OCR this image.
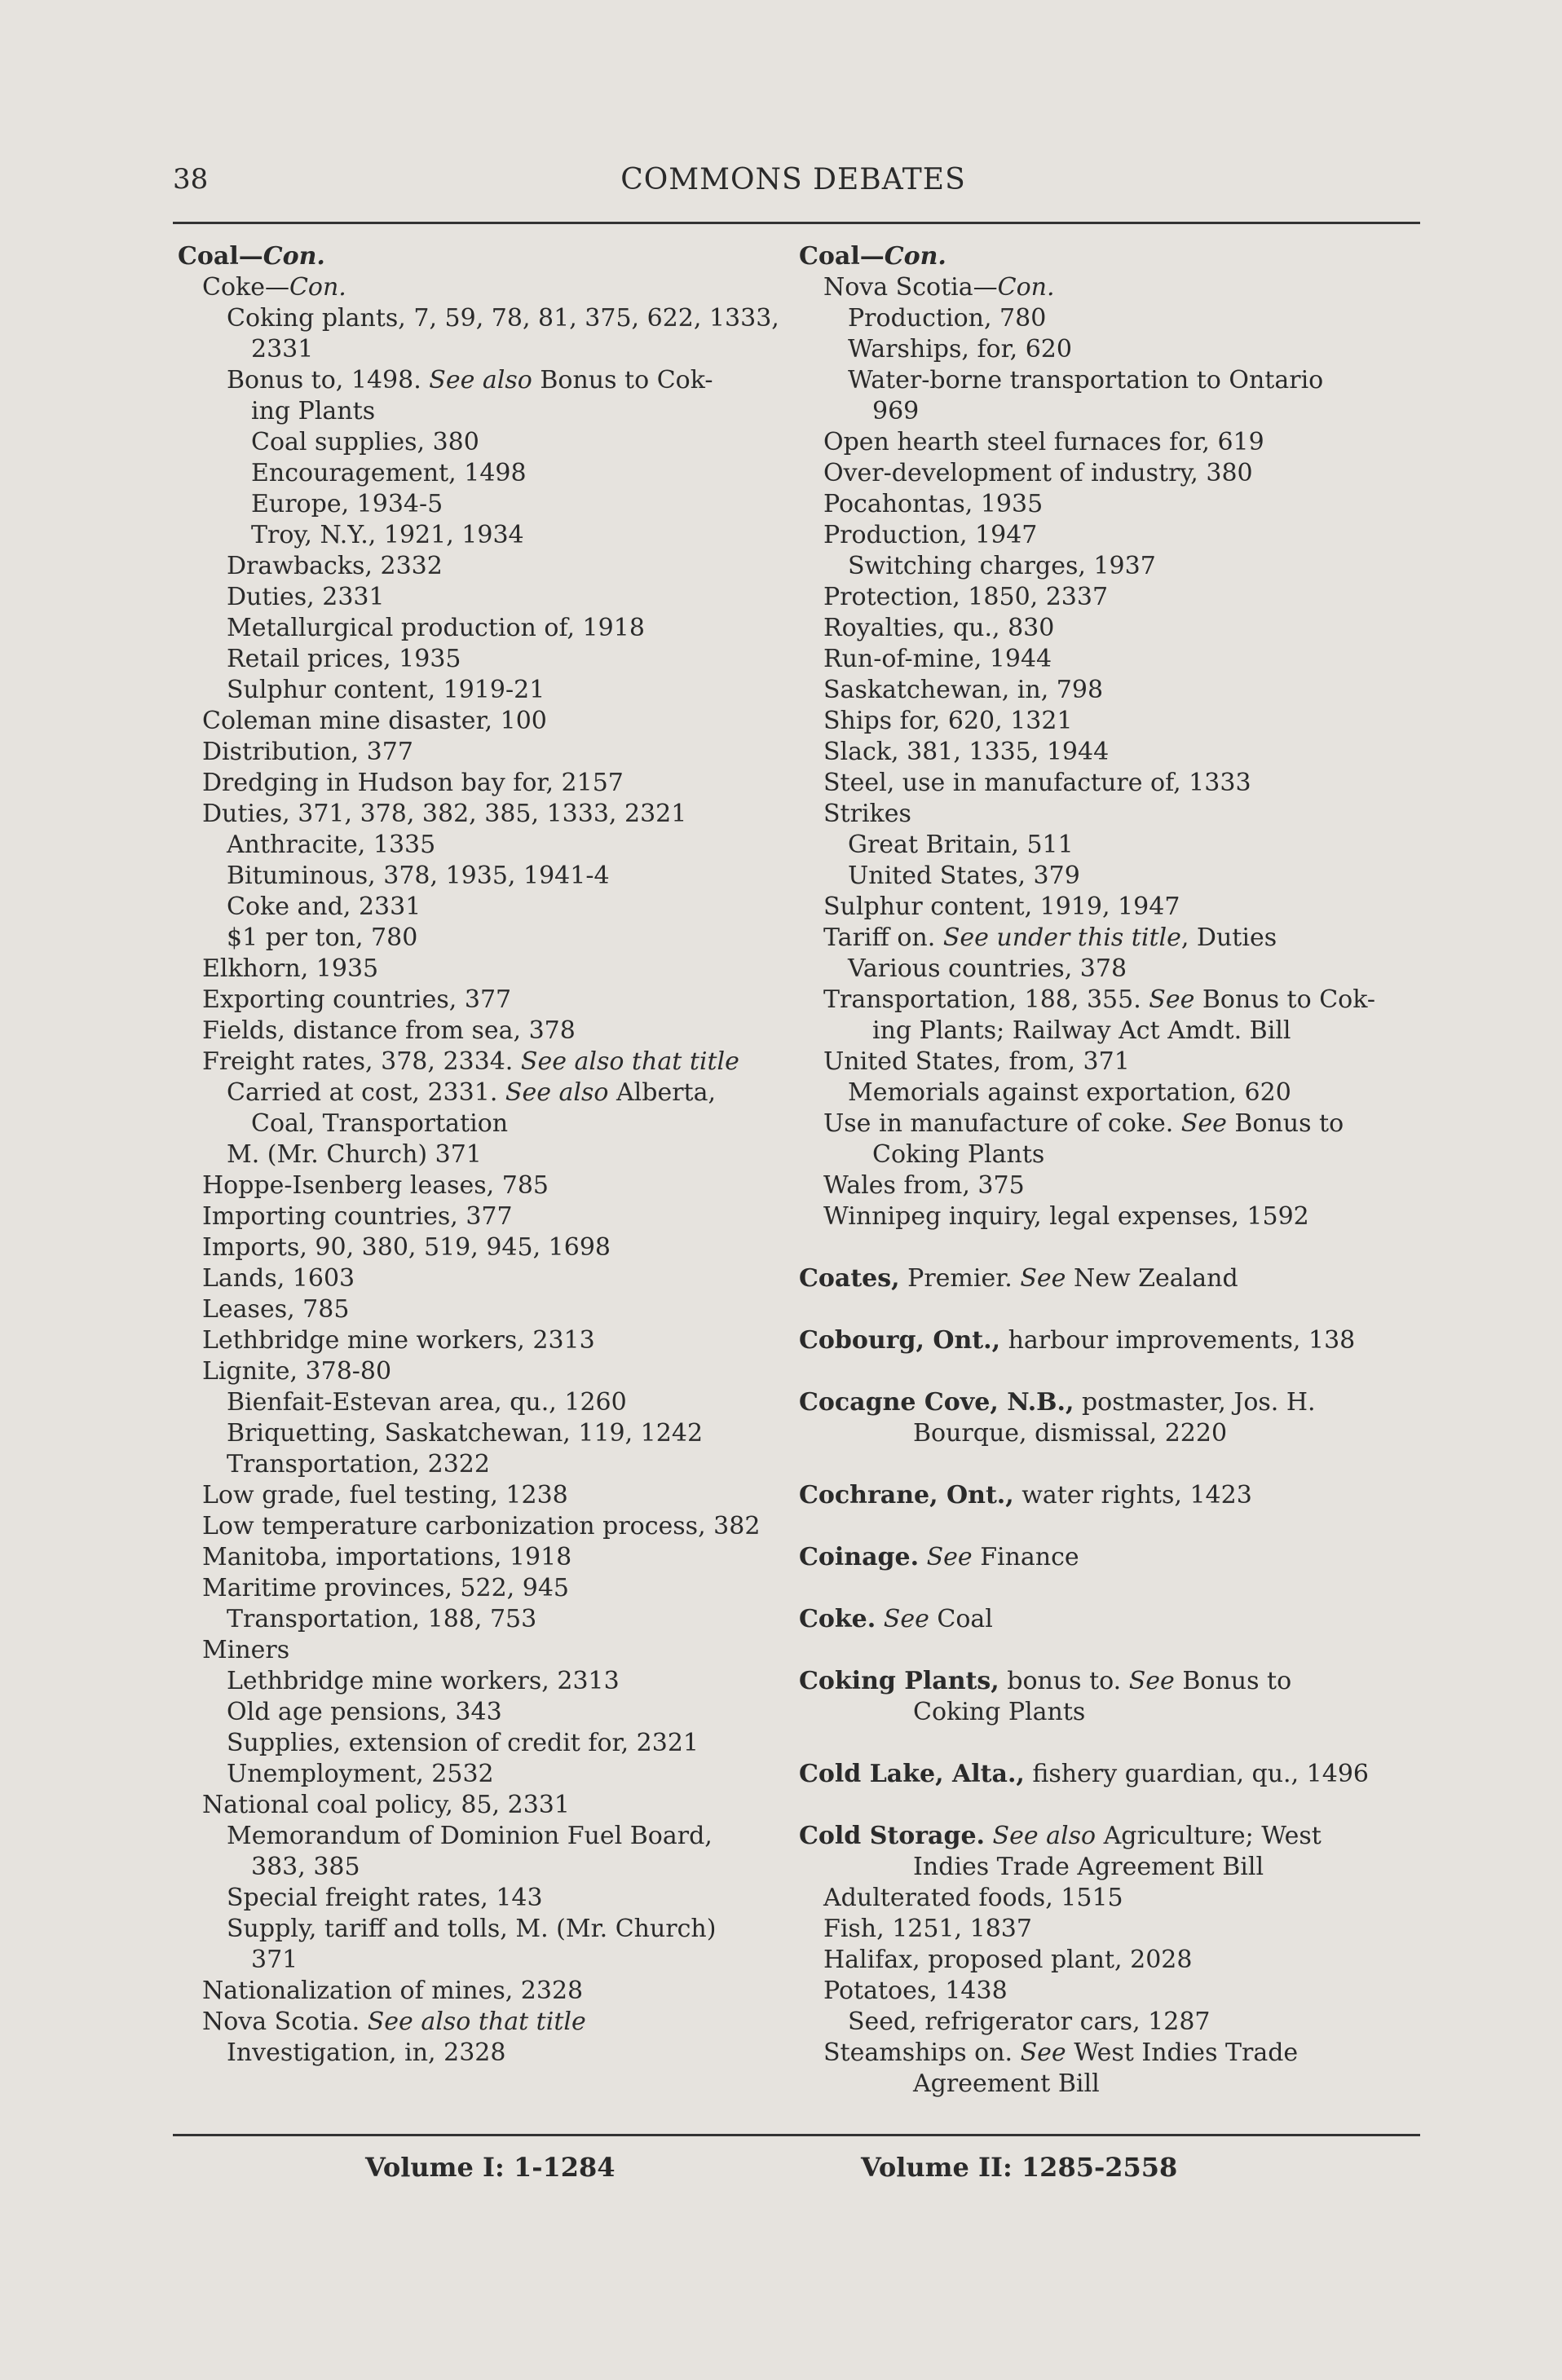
38	COMMONS DEBATES
Coal—Con.
Coke—Con.
Coking plants, 7, 59, 78, 81, 375, 622, 1333,
2331
Bonus to, 1498. See also Bonus to Cok-
ing Plants
Coal supplies, 380
Encouragement, 1498
Europe, 1934-5
Troy, N.Y., 1921, 1934
Drawbacks, 2332
Duties, 2331
Metallurgical production of, 1918
Retail prices, 1935
Sulphur content, 1919-21
Coleman mine disaster, 100
Distribution, 377
Dredging in Hudson bay for, 2157
Duties, 371, 378, 382, 385, 1333, 2321
Anthracite, 1335
Bituminous, 378, 1935, 1941-4
Coke and, 2331
$1 per ton, 780
Elkhorn, 1935
Exporting countries, 377
Fields, distance from sea, 378
Freight rates, 378, 2334. See also that title
Carried at cost, 2331. See also Alberta,
Coal, Transportation
M. (Mr. Church) 371
Hoppe-Isenberg leases, 785
Importing countries, 377
Imports, 90, 380, 519, 945, 1698
Lands, 1603
Leases, 785
Lethbridge mine workers, 2313
Lignite, 378-80
Bienfait-Estevan area, qu., 1260
Briquetting, Saskatchewan, 119, 1242
Transportation, 2322
Low grade, fuel testing, 1238
Low temperature carbonization process, 382
Manitoba, importations, 1918
Maritime provinces, 522, 945
Transportation, 188, 753
Miners
Lethbridge mine workers, 2313
Old age pensions, 343
Supplies, extension of credit for, 2321
Unemployment, 2532
National coal policy, 85, 2331
Memorandum of Dominion Fuel Board,
383, 385
Special freight rates, 143
Supply, tariff and tolls, M. (Mr. Church)
371
Nationalization of mines, 2328
Nova Scotia. See also that title
Investigation, in, 2328
Coal—Con.
Nova Scotia—Con.
Production, 780
Warships, for, 620
Water-borne transportation to Ontario
969
Open hearth steel furnaces for, 619
Over-development of industry, 380
Pocahontas, 1935
Production, 1947
Switching charges, 1937
Protection, 1850, 2337
Royalties, qu., 830
Run-of-mine, 1944
Saskatchewan, in, 798
Ships for, 620, 1321
Slack, 381, 1335, 1944
Steel, use in manufacture of, 1333
Strikes
Great Britain, 511
United States, 379
Sulphur content, 1919, 1947
Tariff on. See under this title, Duties
Various countries, 378
Transportation, 188, 355. See Bonus to Cok-
ing Plants; Railway Act Amdt. Bill
United States, from, 371
Memorials against exportation, 620
Use in manufacture of coke. See Bonus to
Coking Plants
Wales from, 375
Winnipeg inquiry, legal expenses, 1592
Coates, Premier. See New Zealand
Cobourg, Ont., harbour improvements, 138
Cocagne Cove, N.B., postmaster, Jos. H.
Bourque, dismissal, 2220
Cochrane, Ont., water rights, 1423
Coinage. See Finance
Coke. See Coal
Coking Plants, bonus to. See Bonus to
Coking Plants
Cold Lake, Alta., fishery guardian, qu., 1496
Cold Storage. See also Agriculture; West
Indies Trade Agreement Bill
Adulterated foods, 1515
Fish, 1251, 1837
Halifax, proposed plant, 2028
Potatoes, 1438
Seed, refrigerator cars, 1287
Steamships on. See West Indies Trade
Agreement Bill
Volume I: 1-1284	Volume II: 1285-2558
